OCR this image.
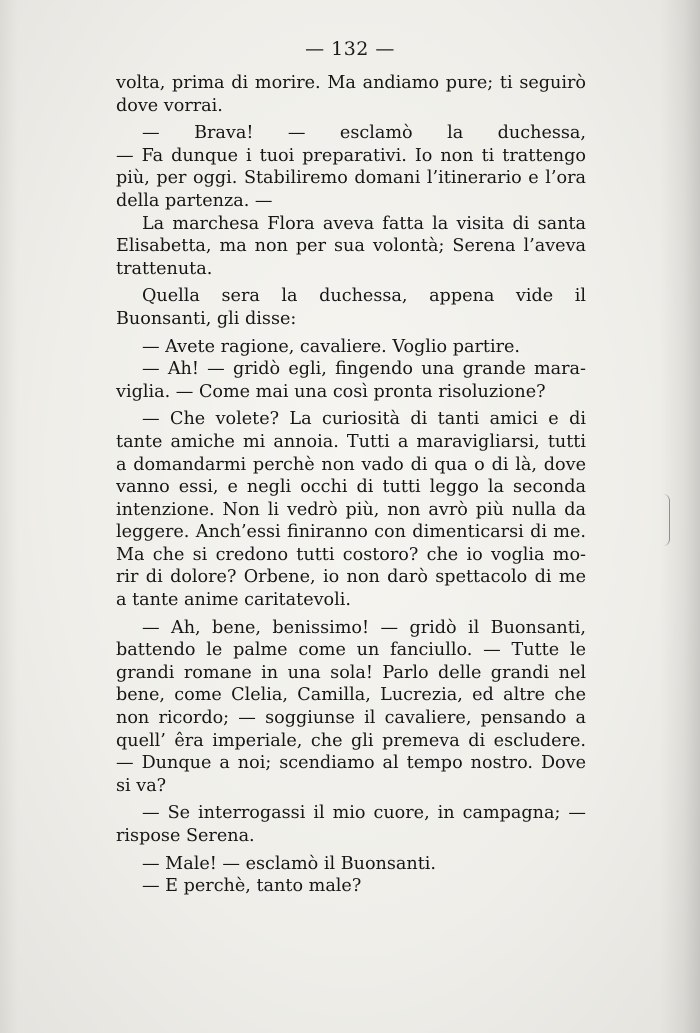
— 132 —
volta, prima di morire. Ma andiamo pure; ti seguirò
dove vorrai.
— Brava! — esclamò la duchessa,
— Fa dunque i tuoi preparativi. Io non ti trattengo
più, per oggi. Stabiliremo domani l’itinerario e l’ora
della partenza. —
La marchesa Flora aveva fatta la visita di santa
Elisabetta, ma non per sua volontà; Serena l’aveva
trattenuta.
Quella sera la duchessa, appena vide il
Buonsanti, gli disse:
— Avete ragione, cavaliere. Voglio partire.
— Ah! — gridò egli, fingendo una grande mara-
viglia. — Come mai una così pronta risoluzione?
— Che volete? La curiosità di tanti amici e di
tante amiche mi annoia. Tutti a maravigliarsi, tutti
a domandarmi perchè non vado di qua o di là, dove
vanno essi, e negli occhi di tutti leggo la seconda
intenzione. Non li vedrò più, non avrò più nulla da
leggere. Anch’essi finiranno con dimenticarsi di me.
Ma che si credono tutti costoro? che io voglia mo-
rir di dolore? Orbene, io non darò spettacolo di me
a tante anime caritatevoli.
— Ah, bene, benissimo! — gridò il Buonsanti,
battendo le palme come un fanciullo. — Tutte le
grandi romane in una sola! Parlo delle grandi nel
bene, come Clelia, Camilla, Lucrezia, ed altre che
non ricordo; — soggiunse il cavaliere, pensando a
quell’ êra imperiale, che gli premeva di escludere.
— Dunque a noi; scendiamo al tempo nostro. Dove
si va?
— Se interrogassi il mio cuore, in campagna; —
rispose Serena.
— Male! — esclamò il Buonsanti.
— E perchè, tanto male?
